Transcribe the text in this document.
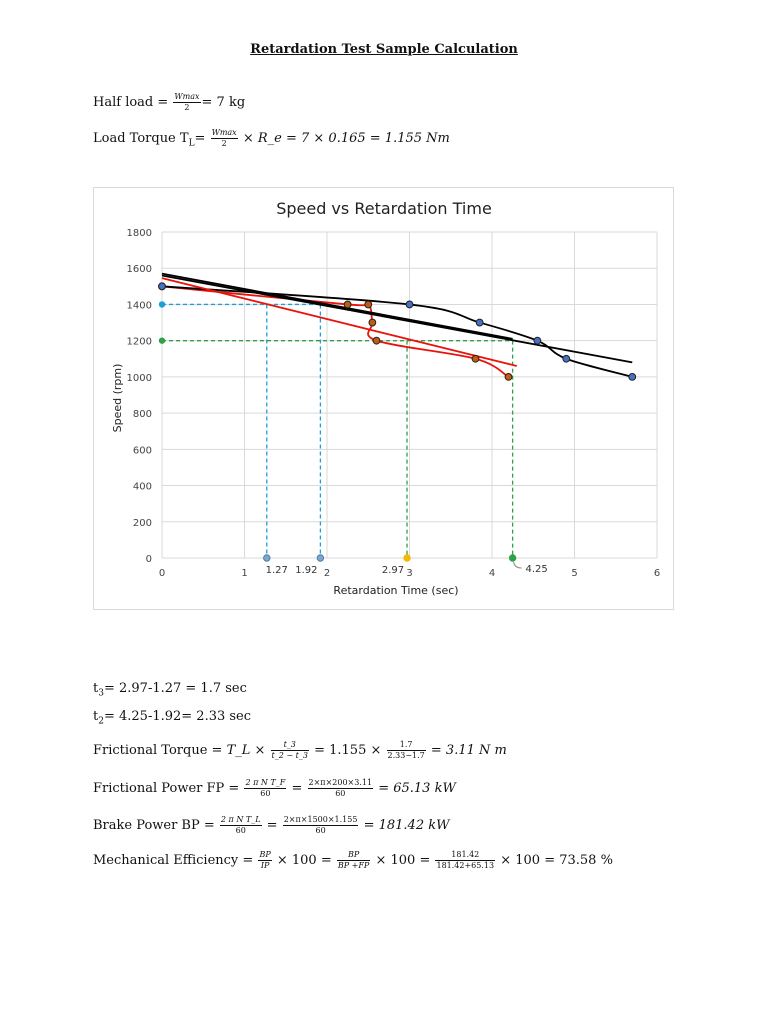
Retardation Test Sample Calculation
Half load = $\frac{Wmax}{2} = 7$ kg
Load Torque $T_L= \frac{Wmax}{2}$ × R_e = 7 × 0.165 = 1.155 Nm
Speed vs Retardation Time
0
200
400
600
800
1000
1200
1400
1600
1800
0	1	2	3	4	5	6
1.27 1.92	2.97	4.25
Retardation Time (sec)
Speed (rpm)
$t_3= 2.97-1.27 = 1.7$ sec
$t_2= 4.25-1.92= 2.33$ sec
Frictional Torque = T_L × $\frac{t\_3}{t\_2 - t\_3} = 1.155 \times \frac{1.7}{2.33-1.7} = 3.11$ N m
Frictional Power FP = $\frac{\text{2 π N T\_F}}{60} = \frac{2\times\pi\times 200\times 3.11}{60} = 65.13$ kW
Brake Power BP = $\frac{\text{2 π N T\_L}}{60} = \frac{2\times\pi\times 1500\times 1.155}{60} = 181.42$ kW
Mechanical Efficiency = $\frac{BP}{IP} \times 100 = \frac{BP}{BP +FP} \times 100 = \frac{181.42}{181.42+65.13} \times 100 = 73.58$ %
